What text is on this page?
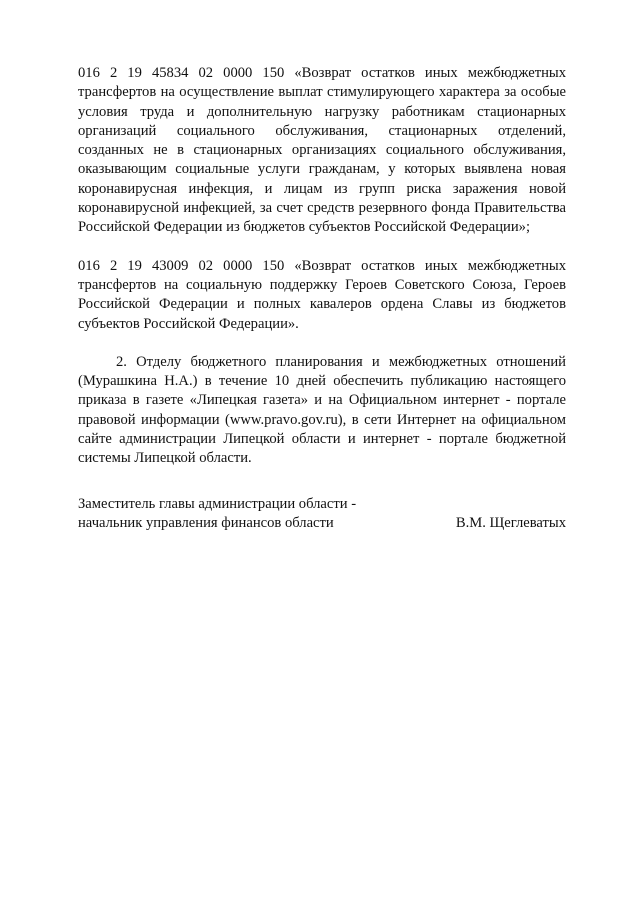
016 2 19 45834 02 0000 150 «Возврат остатков иных межбюджетных трансфертов на осуществление выплат стимулирующего характера за особые условия труда и дополнительную нагрузку работникам стационарных организаций социального обслуживания, стационарных отделений, созданных не в стационарных организациях социального обслуживания, оказывающим социальные услуги гражданам, у которых выявлена новая коронавирусная инфекция, и лицам из групп риска заражения новой коронавирусной инфекцией, за счет средств резервного фонда Правительства Российской Федерации из бюджетов субъектов Российской Федерации»;

016 2 19 43009 02 0000 150 «Возврат остатков иных межбюджетных трансфертов на социальную поддержку Героев Советского Союза, Героев Российской Федерации и полных кавалеров ордена Славы из бюджетов субъектов Российской Федерации».

2. Отделу бюджетного планирования и межбюджетных отношений (Мурашкина Н.А.) в течение 10 дней обеспечить публикацию настоящего приказа в газете «Липецкая газета» и на Официальном интернет - портале правовой информации (www.pravo.gov.ru), в сети Интернет на официальном сайте администрации Липецкой области и интернет - портале бюджетной системы Липецкой области.

Заместитель главы администрации области -
начальник управления финансов области	В.М. Щеглеватых
